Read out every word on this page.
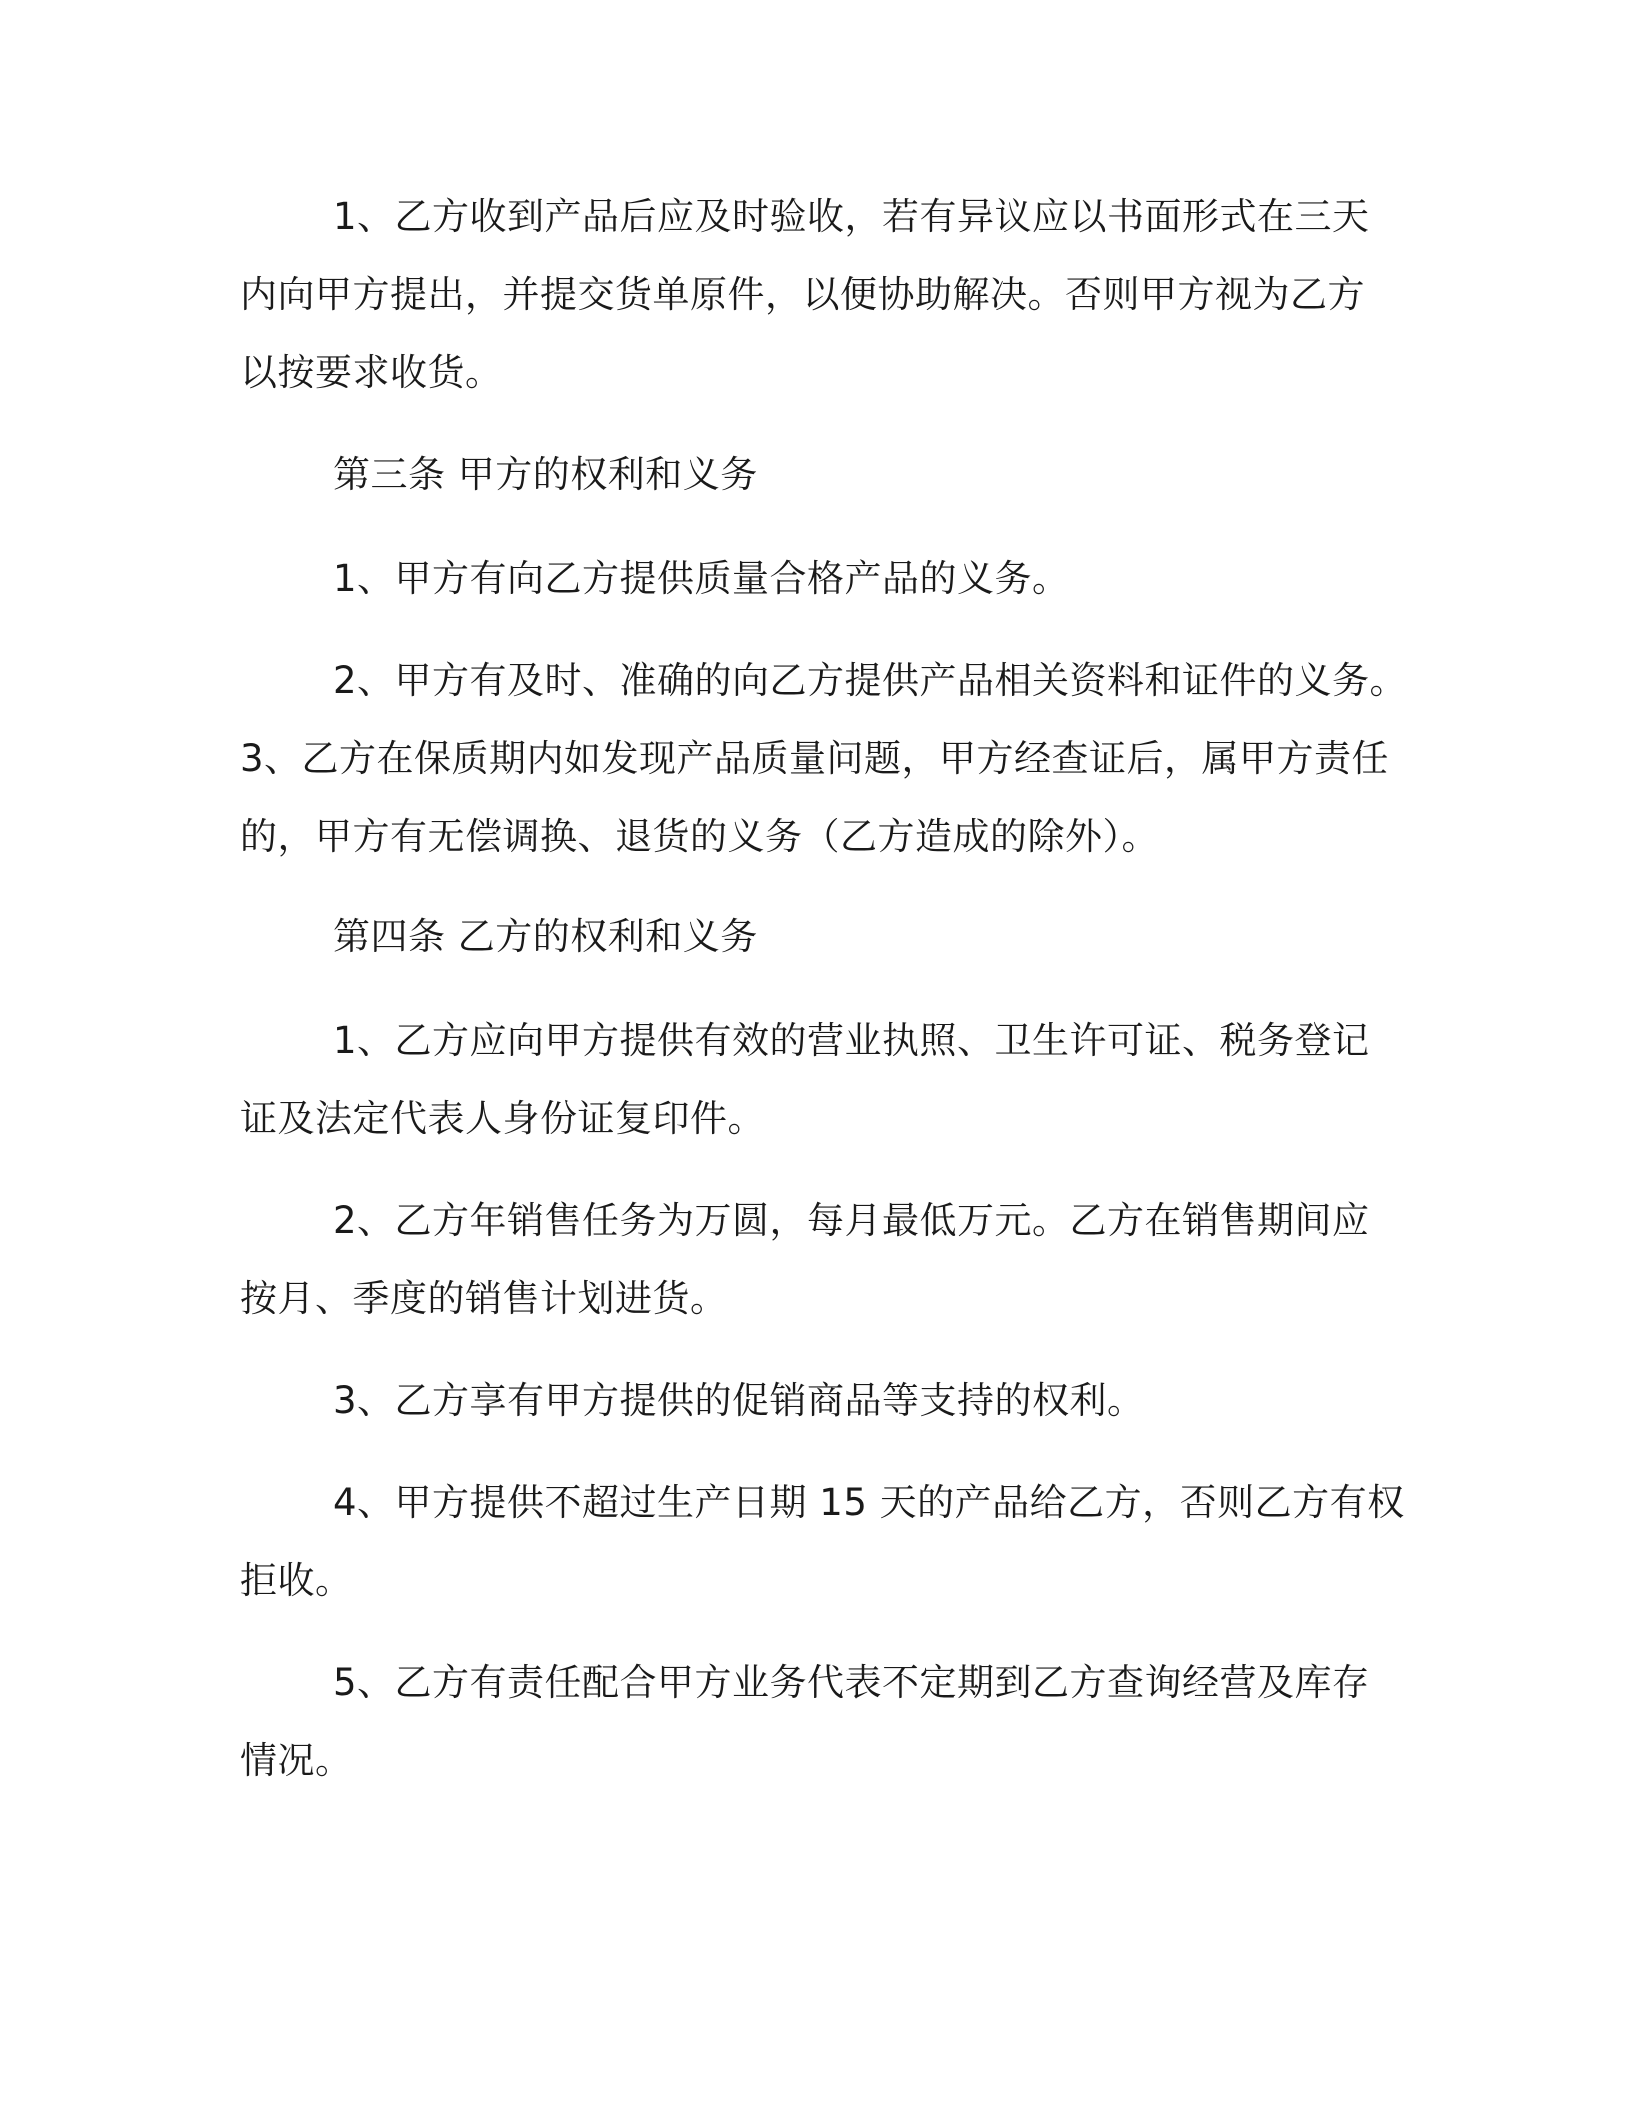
1、乙方收到产品后应及时验收，若有异议应以书面形式在三天

内向甲方提出，并提交货单原件，以便协助解决。否则甲方视为乙方

以按要求收货。

第三条 甲方的权利和义务

1、甲方有向乙方提供质量合格产品的义务。

2、甲方有及时、准确的向乙方提供产品相关资料和证件的义务。

3、乙方在保质期内如发现产品质量问题，甲方经查证后，属甲方责任

的，甲方有无偿调换、退货的义务（乙方造成的除外）。

第四条 乙方的权利和义务

1、乙方应向甲方提供有效的营业执照、卫生许可证、税务登记

证及法定代表人身份证复印件。

2、乙方年销售任务为万圆，每月最低万元。乙方在销售期间应

按月、季度的销售计划进货。

3、乙方享有甲方提供的促销商品等支持的权利。

4、甲方提供不超过生产日期 15 天的产品给乙方，否则乙方有权

拒收。

5、乙方有责任配合甲方业务代表不定期到乙方查询经营及库存

情况。
